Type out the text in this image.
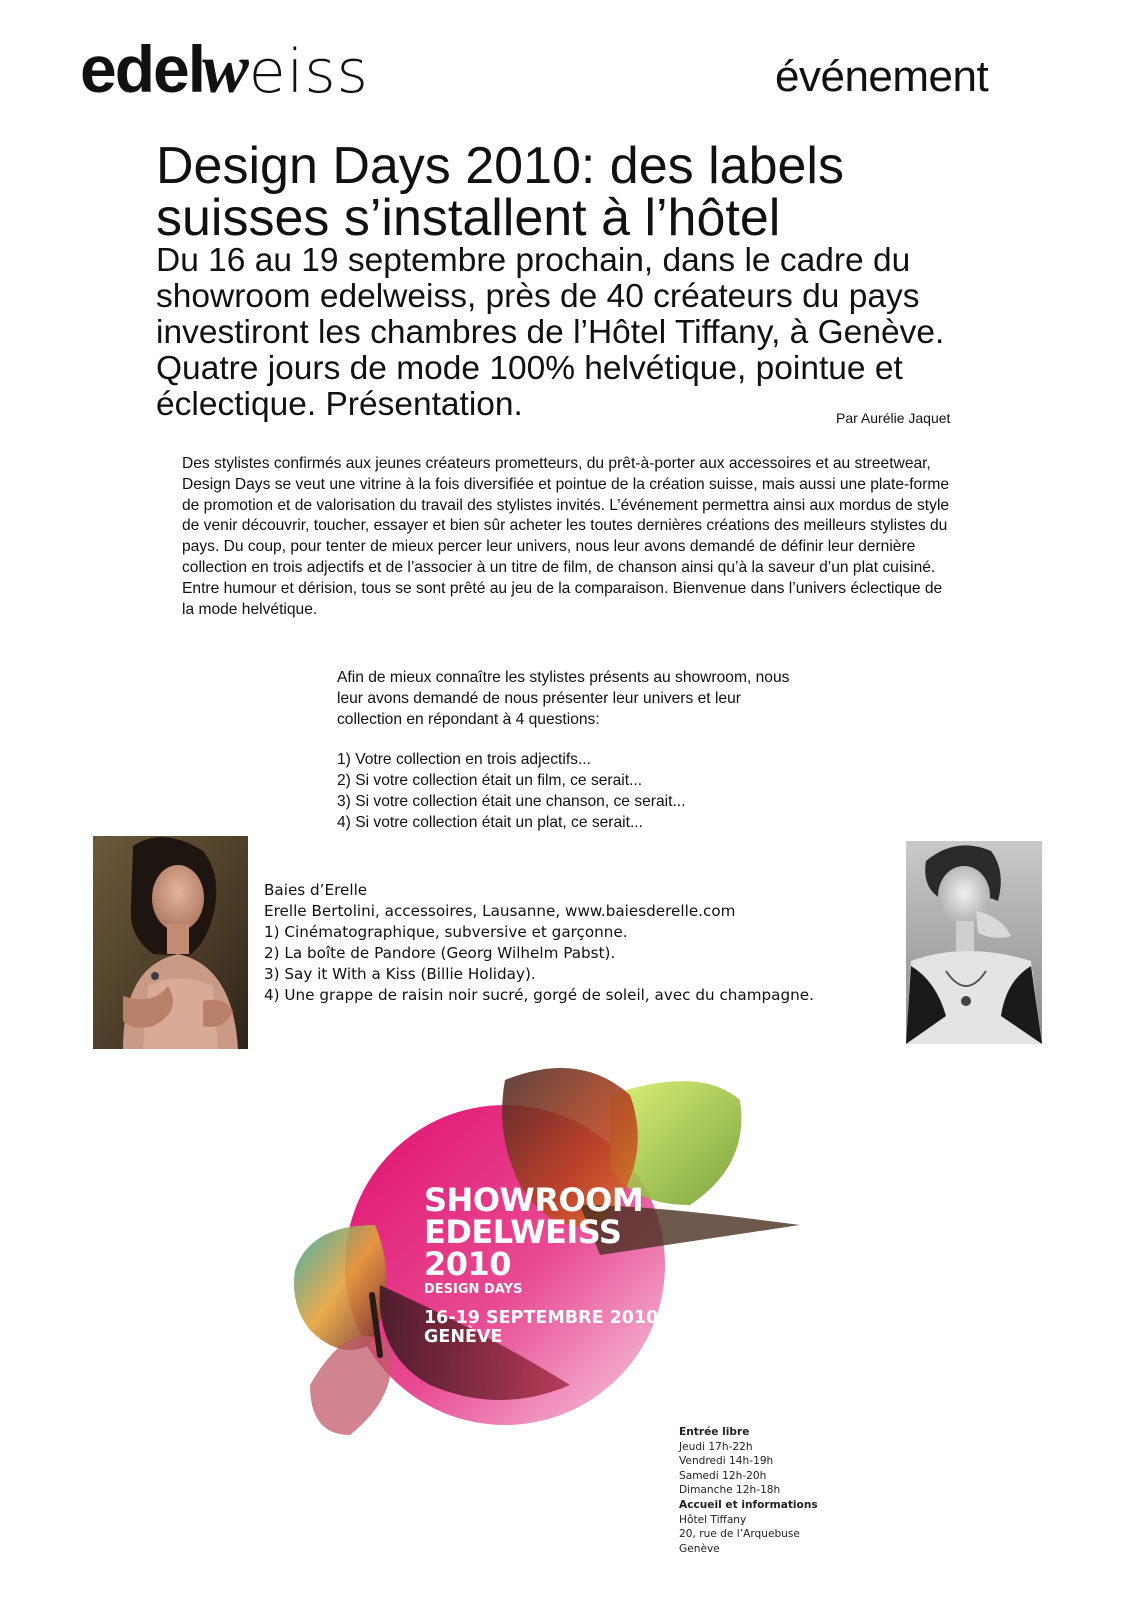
edelweiss	événement
Design Days 2010: des labels suisses s’installent à l’hôtel
Du 16 au 19 septembre prochain, dans le cadre du showroom edelweiss, près de 40 créateurs du pays investiront les chambres de l’Hôtel Tiffany, à Genève. Quatre jours de mode 100% helvétique, pointue et éclectique. Présentation.	Par Aurélie Jaquet

Des stylistes confirmés aux jeunes créateurs prometteurs, du prêt-à-porter aux accessoires et au streetwear, Design Days se veut une vitrine à la fois diversifiée et pointue de la création suisse, mais aussi une plate-forme de promotion et de valorisation du travail des stylistes invités. L’événement permettra ainsi aux mordus de style de venir découvrir, toucher, essayer et bien sûr acheter les toutes dernières créations des meilleurs stylistes du pays. Du coup, pour tenter de mieux percer leur univers, nous leur avons demandé de définir leur dernière collection en trois adjectifs et de l’associer à un titre de film, de chanson ainsi qu’à la saveur d’un plat cuisiné. Entre humour et dérision, tous se sont prêté au jeu de la comparaison. Bienvenue dans l’univers éclectique de la mode helvétique.

Afin de mieux connaître les stylistes présents au showroom, nous leur avons demandé de nous présenter leur univers et leur collection en répondant à 4 questions:

1) Votre collection en trois adjectifs...
2) Si votre collection était un film, ce serait...
3) Si votre collection était une chanson, ce serait...
4) Si votre collection était un plat, ce serait...
Baies d’Erelle
Erelle Bertolini, accessoires, Lausanne, www.baiesderelle.com
1) Cinématographique, subversive et garçonne.
2) La boîte de Pandore (Georg Wilhelm Pabst).
3) Say it With a Kiss (Billie Holiday).
4) Une grappe de raisin noir sucré, gorgé de soleil, avec du champagne.
SHOWROOM
EDELWEISS
2010
DESIGN DAYS
16-19 SEPTEMBRE 2010
GENÈVE
Entrée libre
Jeudi 17h-22h
Vendredi 14h-19h
Samedi 12h-20h
Dimanche 12h-18h
Accueil et informations
Hôtel Tiffany
20, rue de l’Arquebuse
Genève
